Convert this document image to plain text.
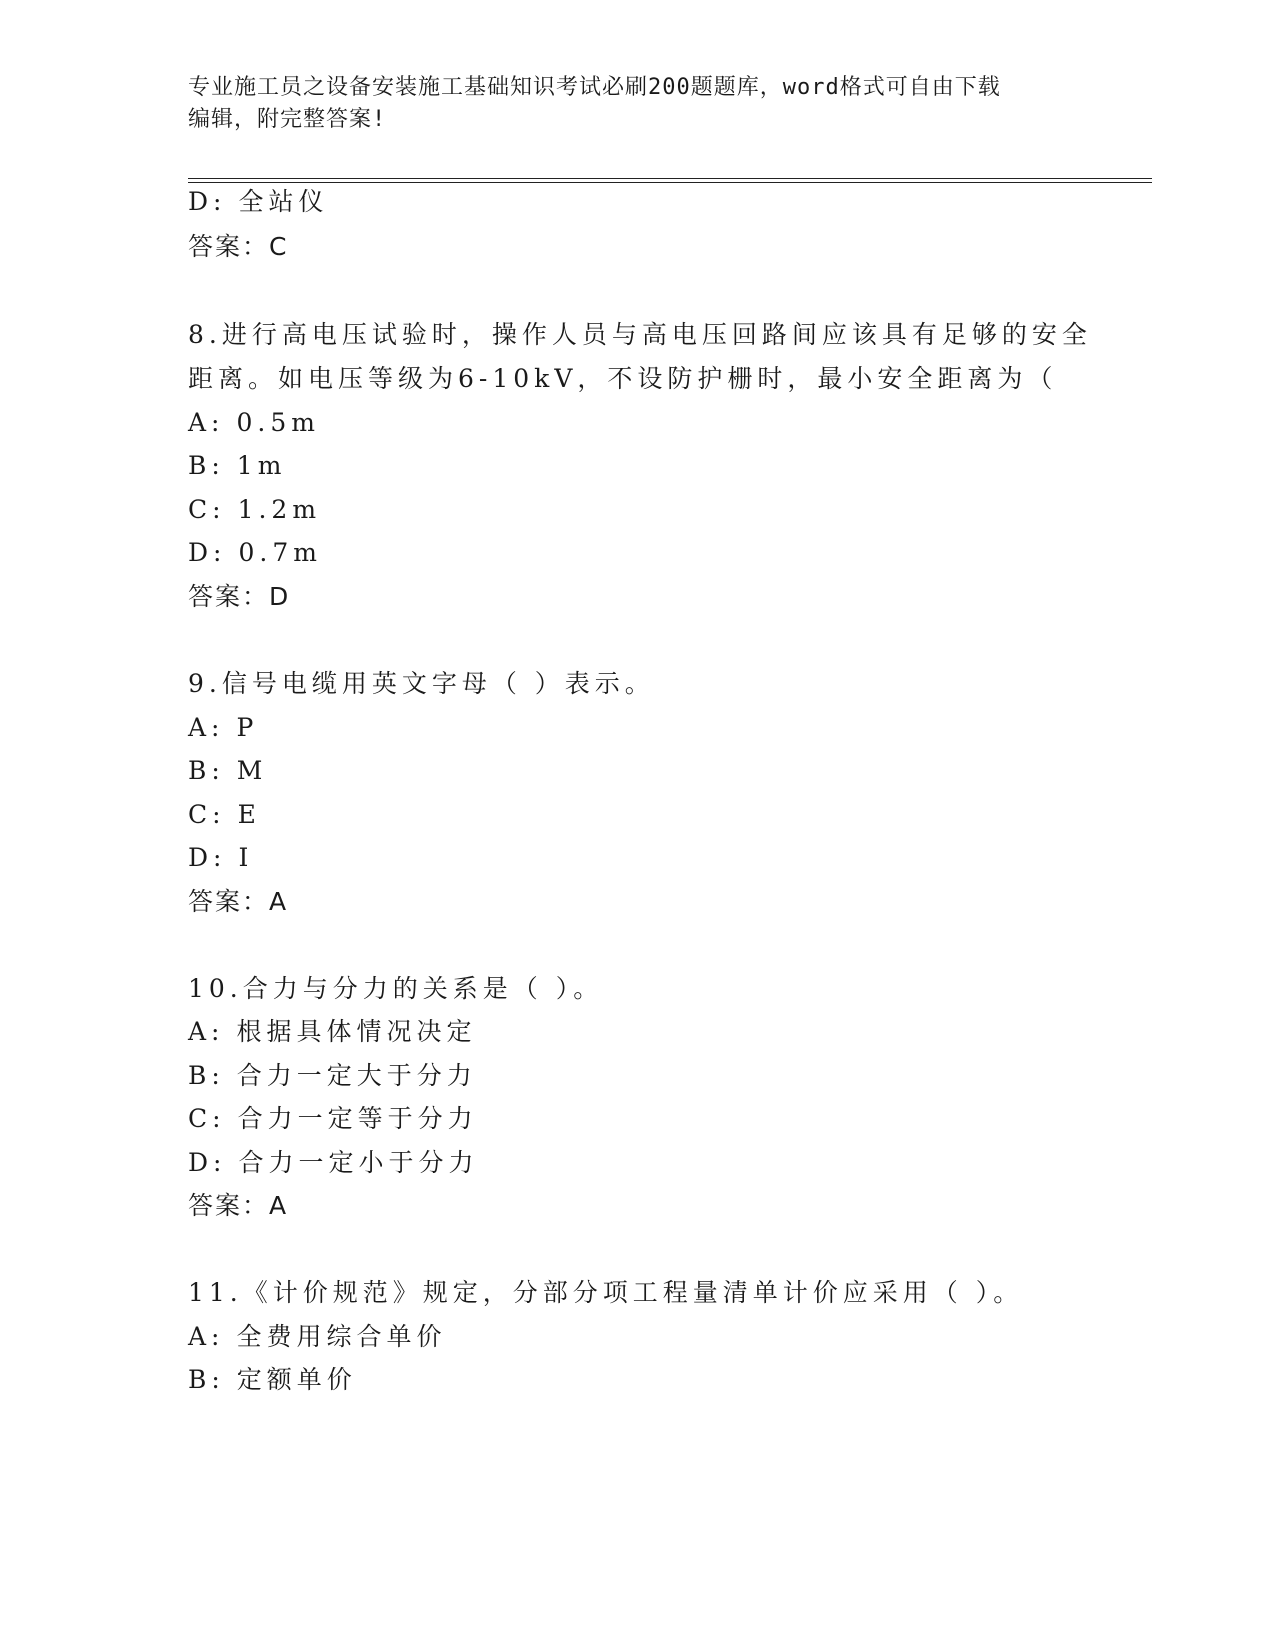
专业施工员之设备安装施工基础知识考试必刷200题题库，word格式可自由下载
编辑，附完整答案!
D: 全站仪
答案：C
8.进行高电压试验时，操作人员与高电压回路间应该具有足够的安全
距离。如电压等级为6-10kV，不设防护栅时，最小安全距离为（
A: 0.5m
B: 1m
C: 1.2m
D: 0.7m
答案：D
9.信号电缆用英文字母（ ）表示。
A: P
B: M
C: E
D: I
答案：A
10.合力与分力的关系是（ ）。
A: 根据具体情况决定
B: 合力一定大于分力
C: 合力一定等于分力
D: 合力一定小于分力
答案：A
11.《计价规范》规定，分部分项工程量清单计价应采用（ ）。
A: 全费用综合单价
B: 定额单价
